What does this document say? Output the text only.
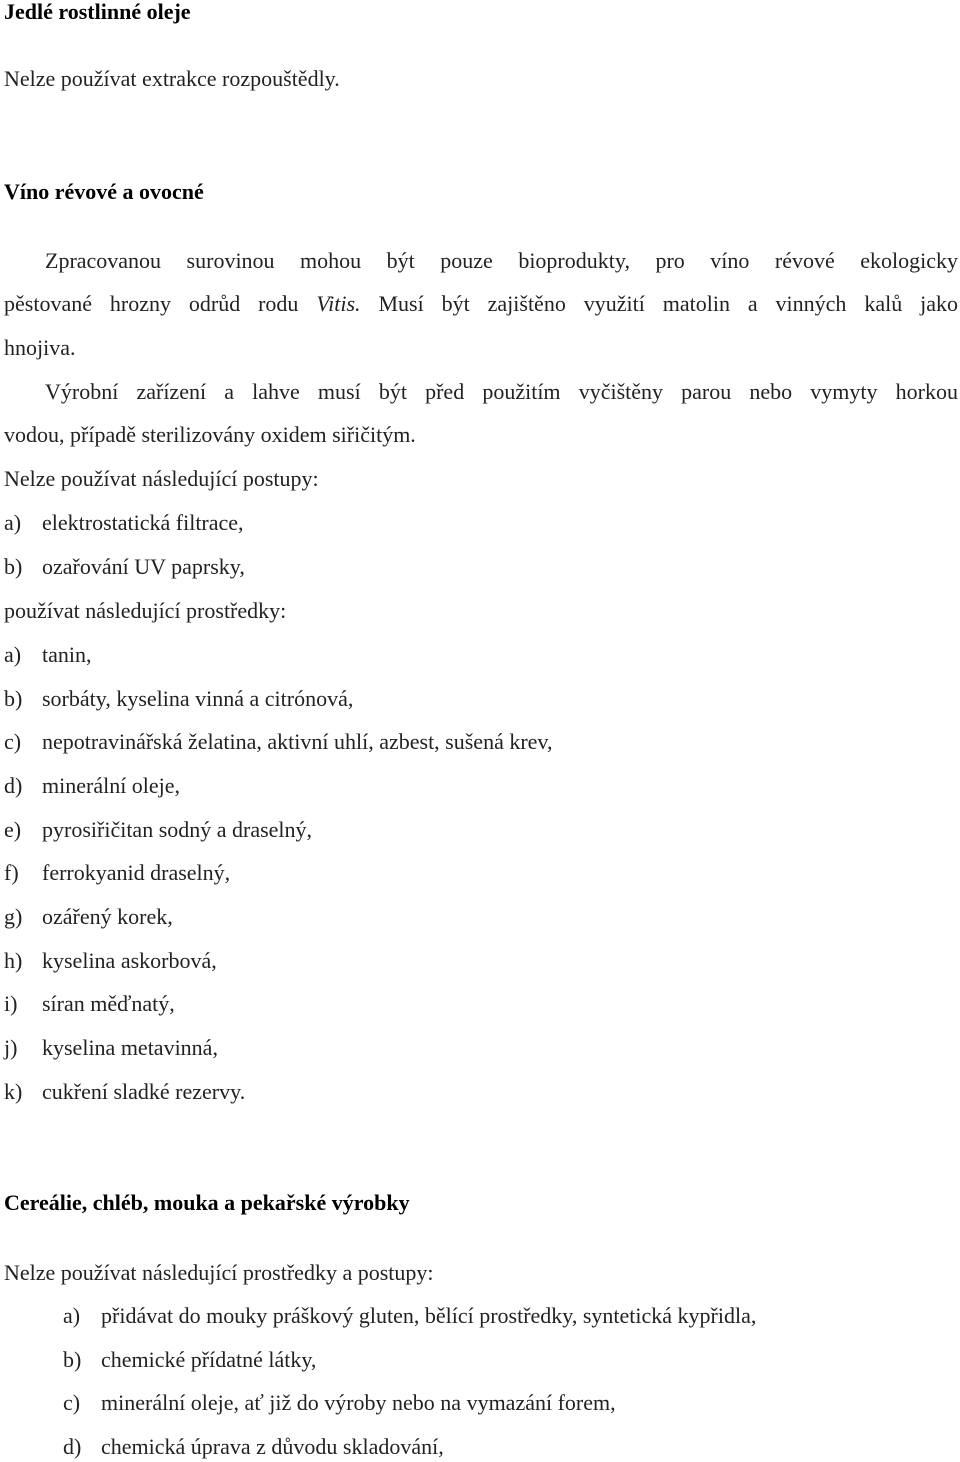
Jedlé rostlinné oleje
Nelze používat extrakce rozpouštědly.
Víno révové a ovocné
Zpracovanou surovinou mohou být pouze bioprodukty, pro víno révové ekologicky
pěstované hrozny odrůd rodu Vitis. Musí být zajištěno využití matolin a vinných kalů jako
hnojiva.
Výrobní zařízení a lahve musí být před použitím vyčištěny parou nebo vymyty horkou
vodou, případě sterilizovány oxidem siřičitým.
Nelze používat následující postupy:
a) elektrostatická filtrace,
b) ozařování UV paprsky,
používat následující prostředky:
a) tanin,
b) sorbáty, kyselina vinná a citrónová,
c) nepotravinářská želatina, aktivní uhlí, azbest, sušená krev,
d) minerální oleje,
e) pyrosiřičitan sodný a draselný,
f) ferrokyanid draselný,
g) ozářený korek,
h) kyselina askorbová,
i) síran měďnatý,
j) kyselina metavinná,
k) cukření sladké rezervy.
Cereálie, chléb, mouka a pekařské výrobky
Nelze používat následující prostředky a postupy:
a) přidávat do mouky práškový gluten, bělící prostředky, syntetická kypřidla,
b) chemické přídatné látky,
c) minerální oleje, ať již do výroby nebo na vymazání forem,
d) chemická úprava z důvodu skladování,
